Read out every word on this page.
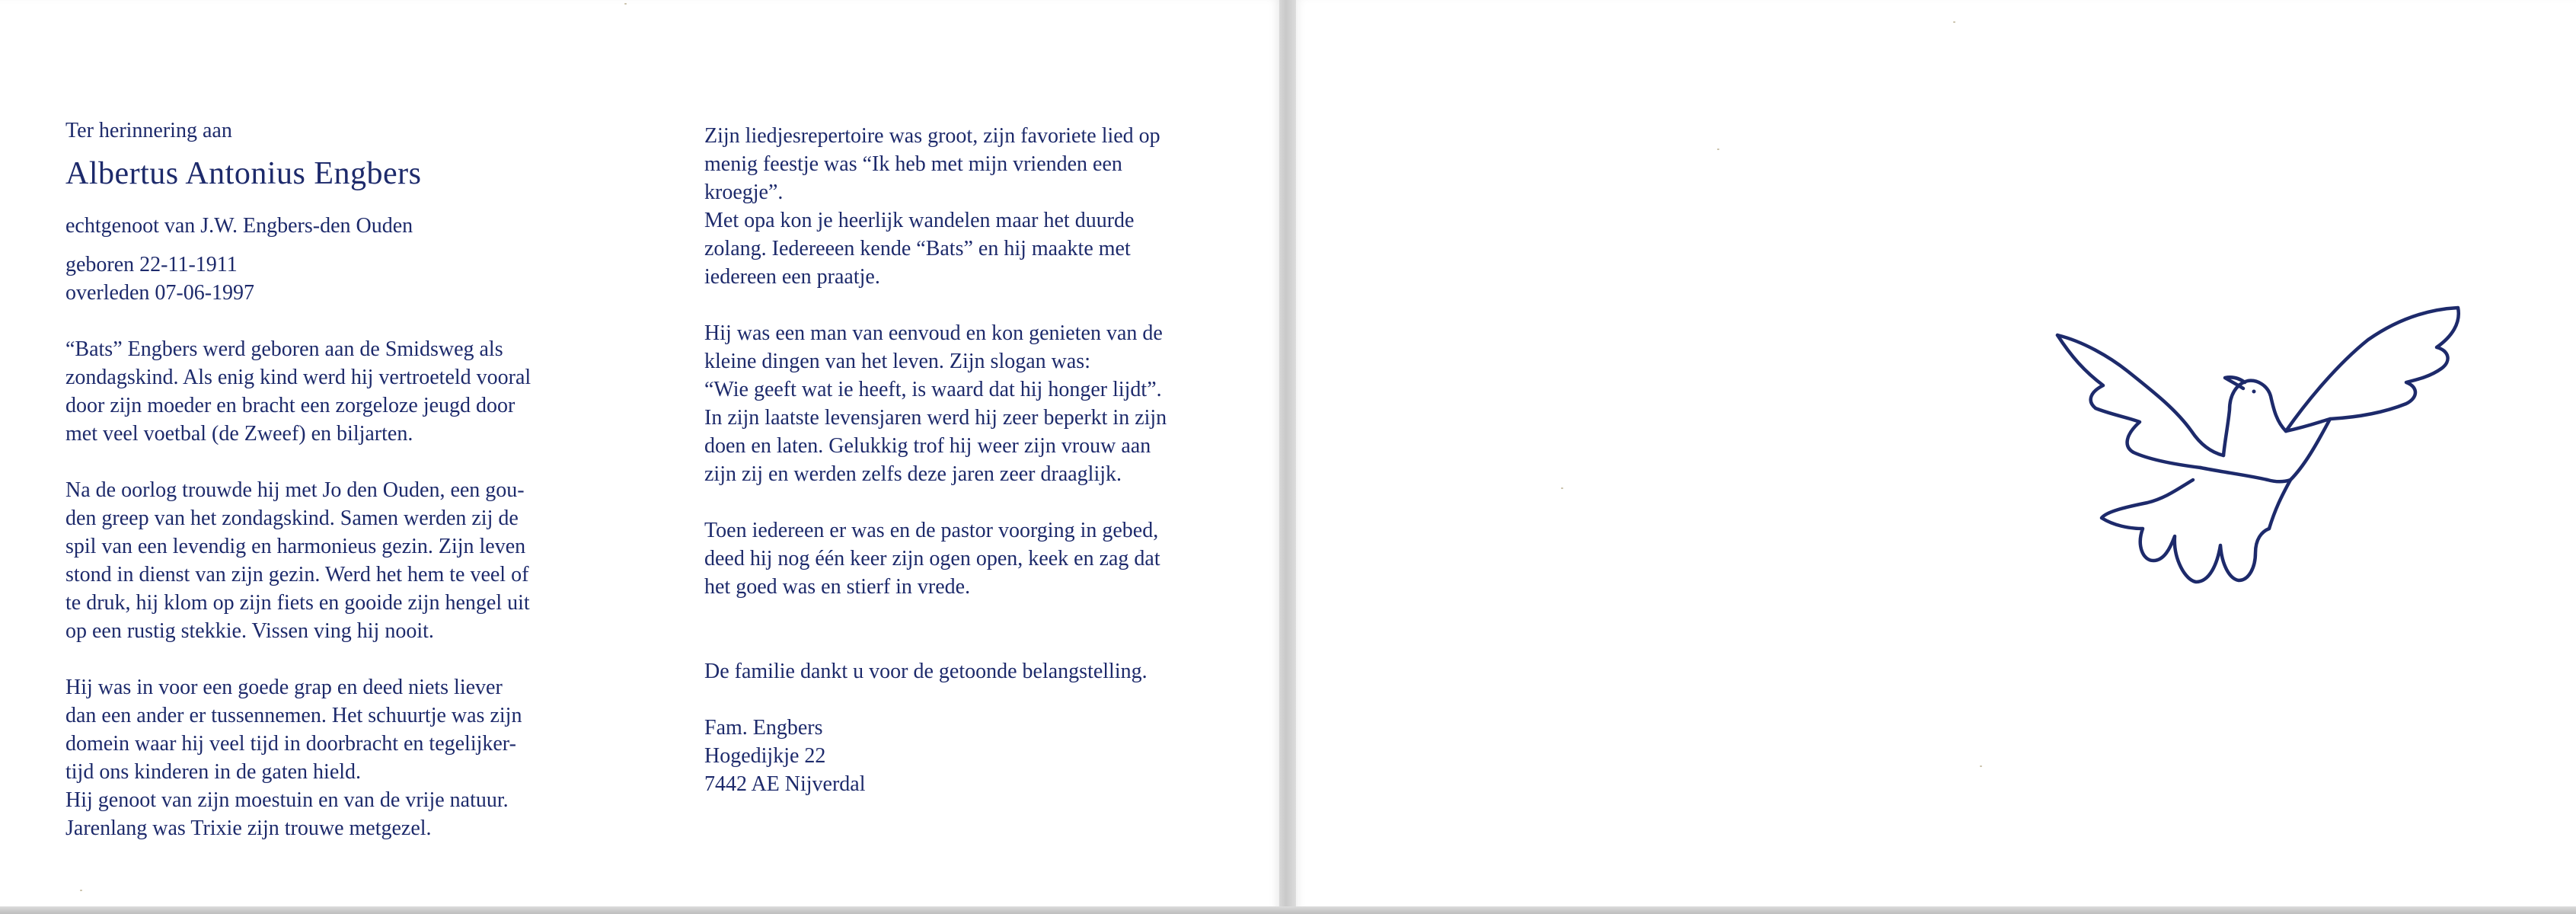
Ter herinnering aan
Albertus Antonius Engbers
echtgenoot van J.W. Engbers-den Ouden
geboren 22-11-1911
overleden 07-06-1997
“Bats” Engbers werd geboren aan de Smidsweg als
zondagskind. Als enig kind werd hij vertroeteld vooral
door zijn moeder en bracht een zorgeloze jeugd door
met veel voetbal (de Zweef) en biljarten.
Na de oorlog trouwde hij met Jo den Ouden, een gou-
den greep van het zondagskind. Samen werden zij de
spil van een levendig en harmonieus gezin. Zijn leven
stond in dienst van zijn gezin. Werd het hem te veel of
te druk, hij klom op zijn fiets en gooide zijn hengel uit
op een rustig stekkie. Vissen ving hij nooit.
Hij was in voor een goede grap en deed niets liever
dan een ander er tussennemen. Het schuurtje was zijn
domein waar hij veel tijd in doorbracht en tegelijker-
tijd ons kinderen in de gaten hield.
Hij genoot van zijn moestuin en van de vrije natuur.
Jarenlang was Trixie zijn trouwe metgezel.
Zijn liedjesrepertoire was groot, zijn favoriete lied op
menig feestje was “Ik heb met mijn vrienden een
kroegje”.
Met opa kon je heerlijk wandelen maar het duurde
zolang. Iedereeen kende “Bats” en hij maakte met
iedereen een praatje.
Hij was een man van eenvoud en kon genieten van de
kleine dingen van het leven. Zijn slogan was:
“Wie geeft wat ie heeft, is waard dat hij honger lijdt”.
In zijn laatste levensjaren werd hij zeer beperkt in zijn
doen en laten. Gelukkig trof hij weer zijn vrouw aan
zijn zij en werden zelfs deze jaren zeer draaglijk.
Toen iedereen er was en de pastor voorging in gebed,
deed hij nog één keer zijn ogen open, keek en zag dat
het goed was en stierf in vrede.
De familie dankt u voor de getoonde belangstelling.
Fam. Engbers
Hogedijkje 22
7442 AE Nijverdal
